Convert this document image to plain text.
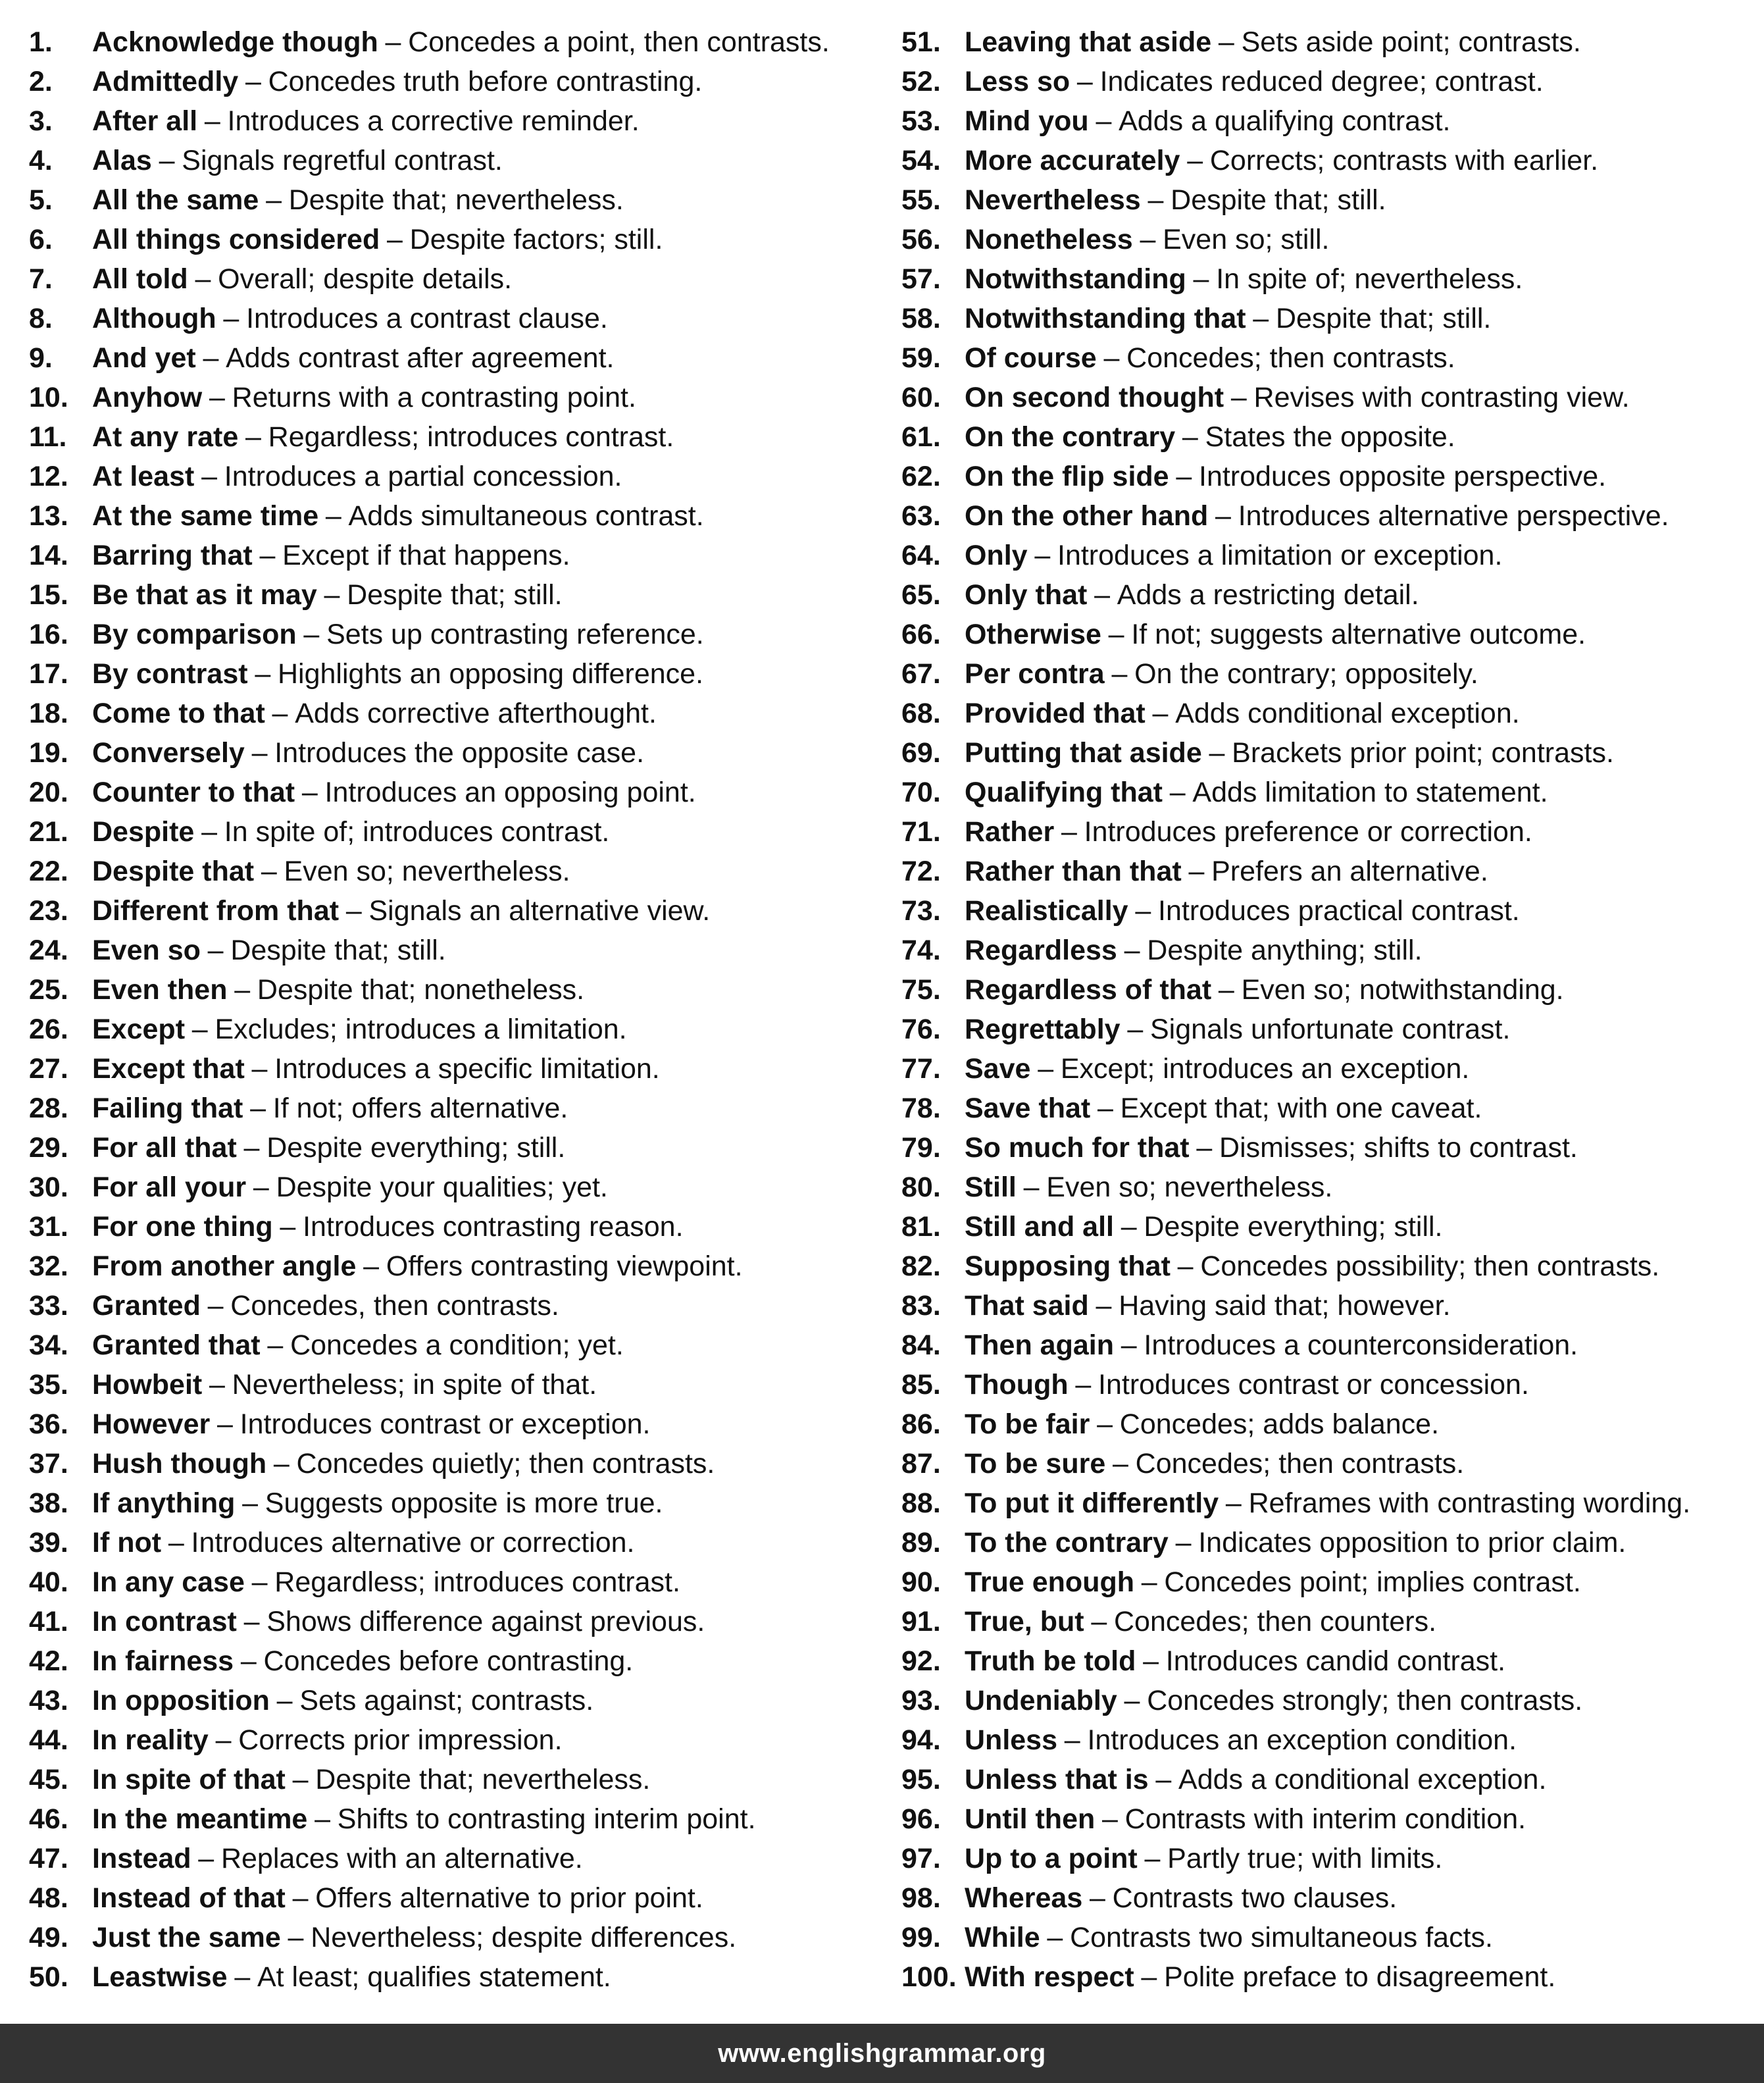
1.	Acknowledge though – Concedes a point, then contrasts.
2.	Admittedly – Concedes truth before contrasting.
3.	After all – Introduces a corrective reminder.
4.	Alas – Signals regretful contrast.
5.	All the same – Despite that; nevertheless.
6.	All things considered – Despite factors; still.
7.	All told – Overall; despite details.
8.	Although – Introduces a contrast clause.
9.	And yet – Adds contrast after agreement.
10. Anyhow – Returns with a contrasting point.
11. At any rate – Regardless; introduces contrast.
12. At least – Introduces a partial concession.
13. At the same time – Adds simultaneous contrast.
14. Barring that – Except if that happens.
15. Be that as it may – Despite that; still.
16. By comparison – Sets up contrasting reference.
17. By contrast – Highlights an opposing difference.
18. Come to that – Adds corrective afterthought.
19. Conversely – Introduces the opposite case.
20. Counter to that – Introduces an opposing point.
21. Despite – In spite of; introduces contrast.
22. Despite that – Even so; nevertheless.
23. Different from that – Signals an alternative view.
24. Even so – Despite that; still.
25. Even then – Despite that; nonetheless.
26. Except – Excludes; introduces a limitation.
27. Except that – Introduces a specific limitation.
28. Failing that – If not; offers alternative.
29. For all that – Despite everything; still.
30. For all your – Despite your qualities; yet.
31. For one thing – Introduces contrasting reason.
32. From another angle – Offers contrasting viewpoint.
33. Granted – Concedes, then contrasts.
34. Granted that – Concedes a condition; yet.
35. Howbeit – Nevertheless; in spite of that.
36. However – Introduces contrast or exception.
37. Hush though – Concedes quietly; then contrasts.
38. If anything – Suggests opposite is more true.
39. If not – Introduces alternative or correction.
40. In any case – Regardless; introduces contrast.
41. In contrast – Shows difference against previous.
42. In fairness – Concedes before contrasting.
43. In opposition – Sets against; contrasts.
44. In reality – Corrects prior impression.
45. In spite of that – Despite that; nevertheless.
46. In the meantime – Shifts to contrasting interim point.
47. Instead – Replaces with an alternative.
48. Instead of that – Offers alternative to prior point.
49. Just the same – Nevertheless; despite differences.
50. Leastwise – At least; qualifies statement.
51. Leaving that aside – Sets aside point; contrasts.
52. Less so – Indicates reduced degree; contrast.
53. Mind you – Adds a qualifying contrast.
54. More accurately – Corrects; contrasts with earlier.
55. Nevertheless – Despite that; still.
56. Nonetheless – Even so; still.
57. Notwithstanding – In spite of; nevertheless.
58. Notwithstanding that – Despite that; still.
59. Of course – Concedes; then contrasts.
60. On second thought – Revises with contrasting view.
61. On the contrary – States the opposite.
62. On the flip side – Introduces opposite perspective.
63. On the other hand – Introduces alternative perspective.
64. Only – Introduces a limitation or exception.
65. Only that – Adds a restricting detail.
66. Otherwise – If not; suggests alternative outcome.
67. Per contra – On the contrary; oppositely.
68. Provided that – Adds conditional exception.
69. Putting that aside – Brackets prior point; contrasts.
70. Qualifying that – Adds limitation to statement.
71. Rather – Introduces preference or correction.
72. Rather than that – Prefers an alternative.
73. Realistically – Introduces practical contrast.
74. Regardless – Despite anything; still.
75. Regardless of that – Even so; notwithstanding.
76. Regrettably – Signals unfortunate contrast.
77. Save – Except; introduces an exception.
78. Save that – Except that; with one caveat.
79. So much for that – Dismisses; shifts to contrast.
80. Still – Even so; nevertheless.
81. Still and all – Despite everything; still.
82. Supposing that – Concedes possibility; then contrasts.
83. That said – Having said that; however.
84. Then again – Introduces a counterconsideration.
85. Though – Introduces contrast or concession.
86. To be fair – Concedes; adds balance.
87. To be sure – Concedes; then contrasts.
88. To put it differently – Reframes with contrasting wording.
89. To the contrary – Indicates opposition to prior claim.
90. True enough – Concedes point; implies contrast.
91. True, but – Concedes; then counters.
92. Truth be told – Introduces candid contrast.
93. Undeniably – Concedes strongly; then contrasts.
94. Unless – Introduces an exception condition.
95. Unless that is – Adds a conditional exception.
96. Until then – Contrasts with interim condition.
97. Up to a point – Partly true; with limits.
98. Whereas – Contrasts two clauses.
99. While – Contrasts two simultaneous facts.
100. With respect – Polite preface to disagreement.
www.englishgrammar.org
